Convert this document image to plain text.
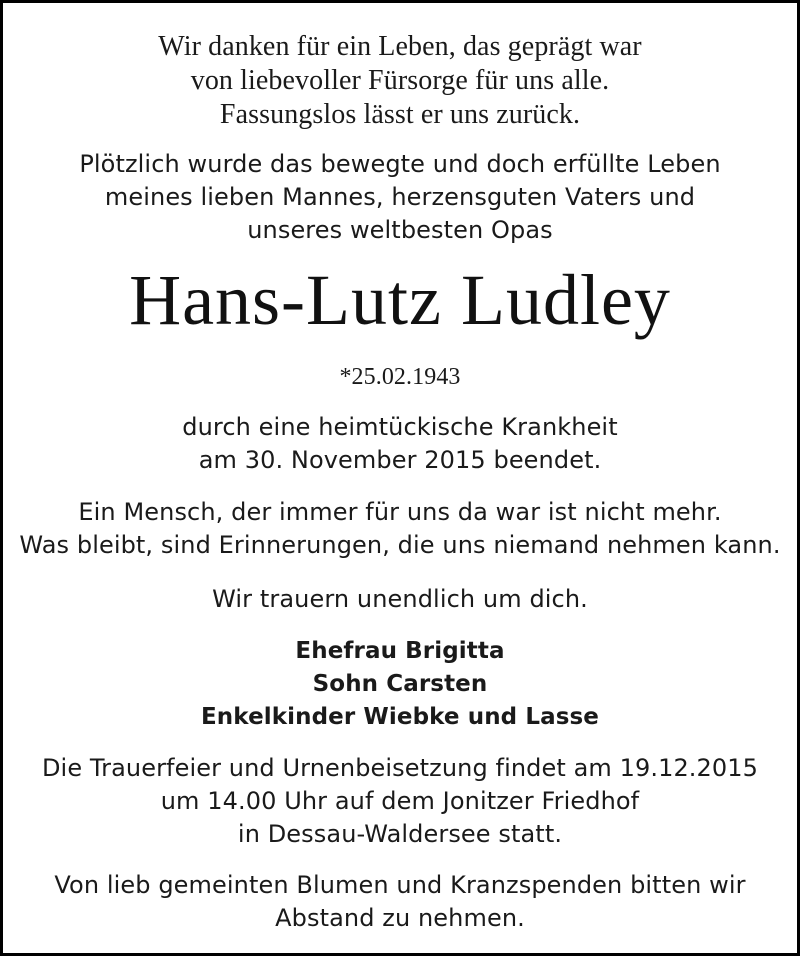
Wir danken für ein Leben, das geprägt war
von liebevoller Fürsorge für uns alle.
Fassungslos lässt er uns zurück.

Plötzlich wurde das bewegte und doch erfüllte Leben
meines lieben Mannes, herzensguten Vaters und
unseres weltbesten Opas

Hans-Lutz Ludley

*25.02.1943

durch eine heimtückische Krankheit
am 30. November 2015 beendet.

Ein Mensch, der immer für uns da war ist nicht mehr.
Was bleibt, sind Erinnerungen, die uns niemand nehmen kann.

Wir trauern unendlich um dich.

Ehefrau Brigitta
Sohn Carsten
Enkelkinder Wiebke und Lasse

Die Trauerfeier und Urnenbeisetzung findet am 19.12.2015
um 14.00 Uhr auf dem Jonitzer Friedhof
in Dessau-Waldersee statt.

Von lieb gemeinten Blumen und Kranzspenden bitten wir
Abstand zu nehmen.
